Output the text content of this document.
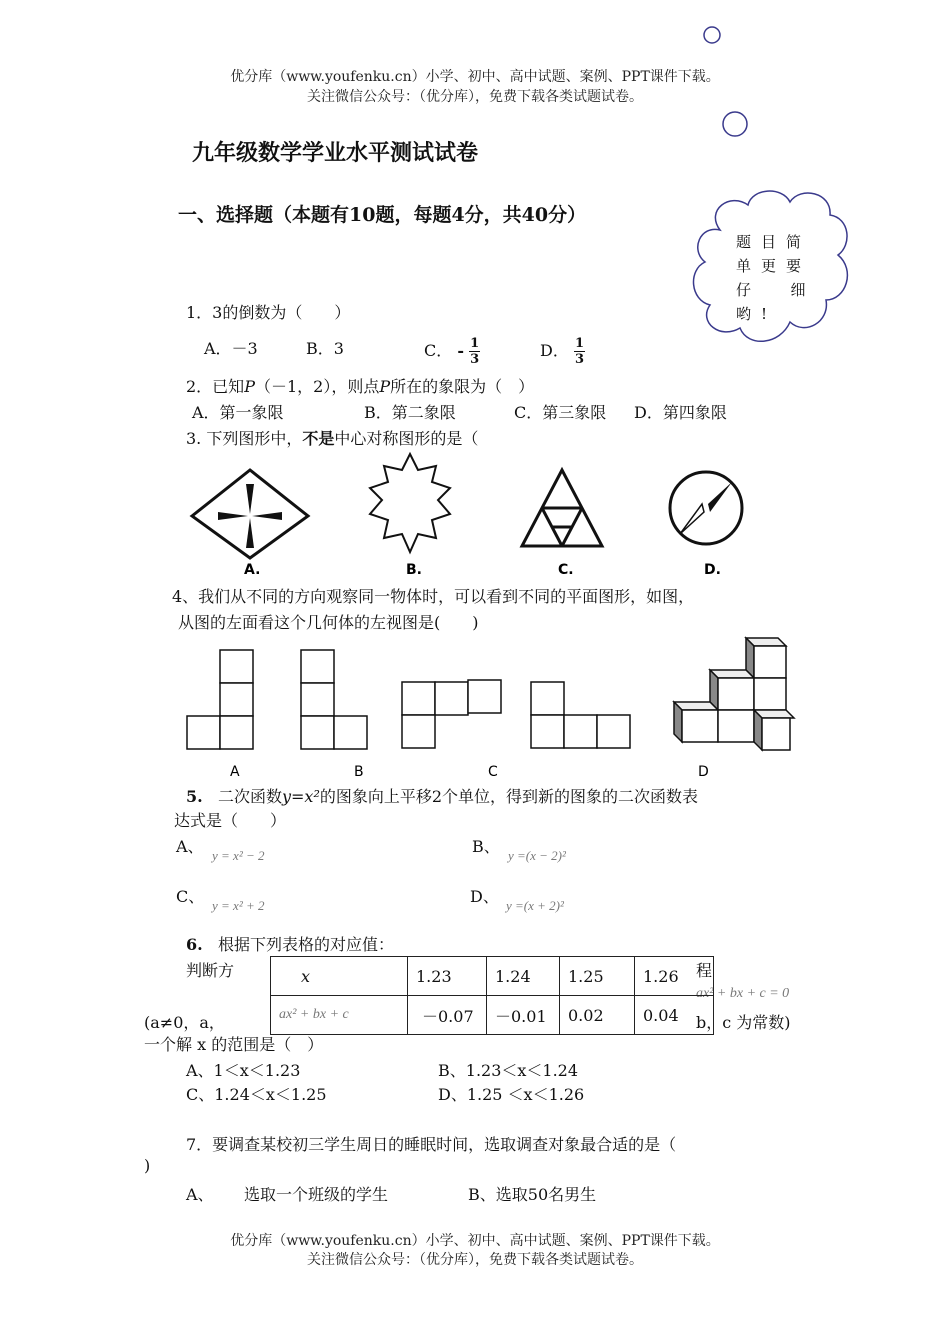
优分库（www.youfenku.cn）小学、初中、高中试题、案例、PPT课件下载。
关注微信公众号：（优分库），免费下载各类试题试卷。
题目简
单更要
仔  细
哟!
九年级数学学业水平测试试卷
一、选择题（本题有10题，每题4分，共40分）
1．3的倒数为（　　）
A．－3	B．3	C． - $\frac{1}{3}$	D． $\frac{1}{3}$
2．已知P（－1，2），则点P所在的象限为（　）
A．第一象限	B．第二象限	C．第三象限 D．第四象限
3. 下列图形中，不是中心对称图形的是（
A.	B.	C.	D.
4、我们从不同的方向观察同一物体时，可以看到不同的平面图形，如图，
从图的左面看这个几何体的左视图是(　　)
A	B	C	D
5. 二次函数y=x²的图象向上平移2个单位，得到新的图象的二次函数表
达式是（　　）
A、 y = x² − 2	B、 y =(x − 2)²
C、 y = x² + 2	D、 y =(x + 2)²
6. 根据下列表格的对应值：
判断方	程
ax² + bx + c = 0
(a≠0，a，	b，c 为常数)
x	1.23	1.24	1.25	1.26
ax² + bx + c	－0.07	－0.01	0.02	0.04
一个解 x 的范围是（　）
A、1＜x＜1.23	B、1.23＜x＜1.24
C、1.24＜x＜1.25	D、1.25 ＜x＜1.26
7．要调查某校初三学生周日的睡眠时间，选取调查对象最合适的是（
)
A、 选取一个班级的学生	B、选取50名男生
优分库（www.youfenku.cn）小学、初中、高中试题、案例、PPT课件下载。
关注微信公众号：（优分库），免费下载各类试题试卷。
